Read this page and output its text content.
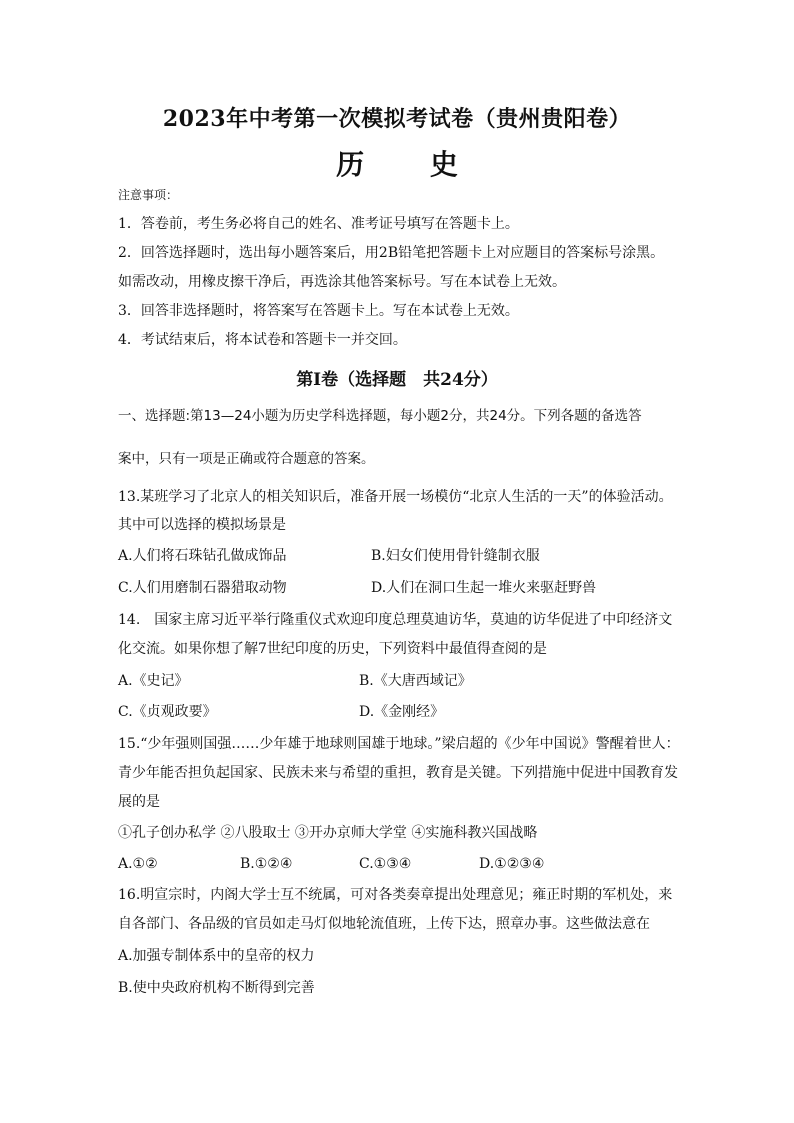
2023年中考第一次模拟考试卷（贵州贵阳卷）
历 史
注意事项：
1．答卷前，考生务必将自己的姓名、准考证号填写在答题卡上。
2．回答选择题时，选出每小题答案后，用2B铅笔把答题卡上对应题目的答案标号涂黑。
如需改动，用橡皮擦干净后，再选涂其他答案标号。写在本试卷上无效。
3．回答非选择题时，将答案写在答题卡上。写在本试卷上无效。
4．考试结束后，将本试卷和答题卡一并交回。
第I卷（选择题　共24分）
一、选择题:第13—24小题为历史学科选择题，每小题2分，共24分。下列各题的备选答
案中，只有一项是正确或符合题意的答案。
13.某班学习了北京人的相关知识后，准备开展一场模仿“北京人生活的一天”的体验活动。
其中可以选择的模拟场景是
A.人们将石珠钻孔做成饰品	B.妇女们使用骨针缝制衣服
C.人们用磨制石器猎取动物	D.人们在洞口生起一堆火来驱赶野兽
14.　国家主席习近平举行隆重仪式欢迎印度总理莫迪访华，莫迪的访华促进了中印经济文
化交流。如果你想了解7世纪印度的历史，下列资料中最值得查阅的是
A.《史记》	B.《大唐西域记》
C.《贞观政要》	D.《金刚经》
15.“少年强则国强……少年雄于地球则国雄于地球。”梁启超的《少年中国说》警醒着世人：
青少年能否担负起国家、民族未来与希望的重担，教育是关键。下列措施中促进中国教育发
展的是
①孔子创办私学 ②八股取士 ③开办京师大学堂 ④实施科教兴国战略
A.①②	B.①②④	C.①③④	D.①②③④
16.明宣宗时，内阁大学士互不统属，可对各类奏章提出处理意见；雍正时期的军机处，来
自各部门、各品级的官员如走马灯似地轮流值班，上传下达，照章办事。这些做法意在
A.加强专制体系中的皇帝的权力
B.使中央政府机构不断得到完善
